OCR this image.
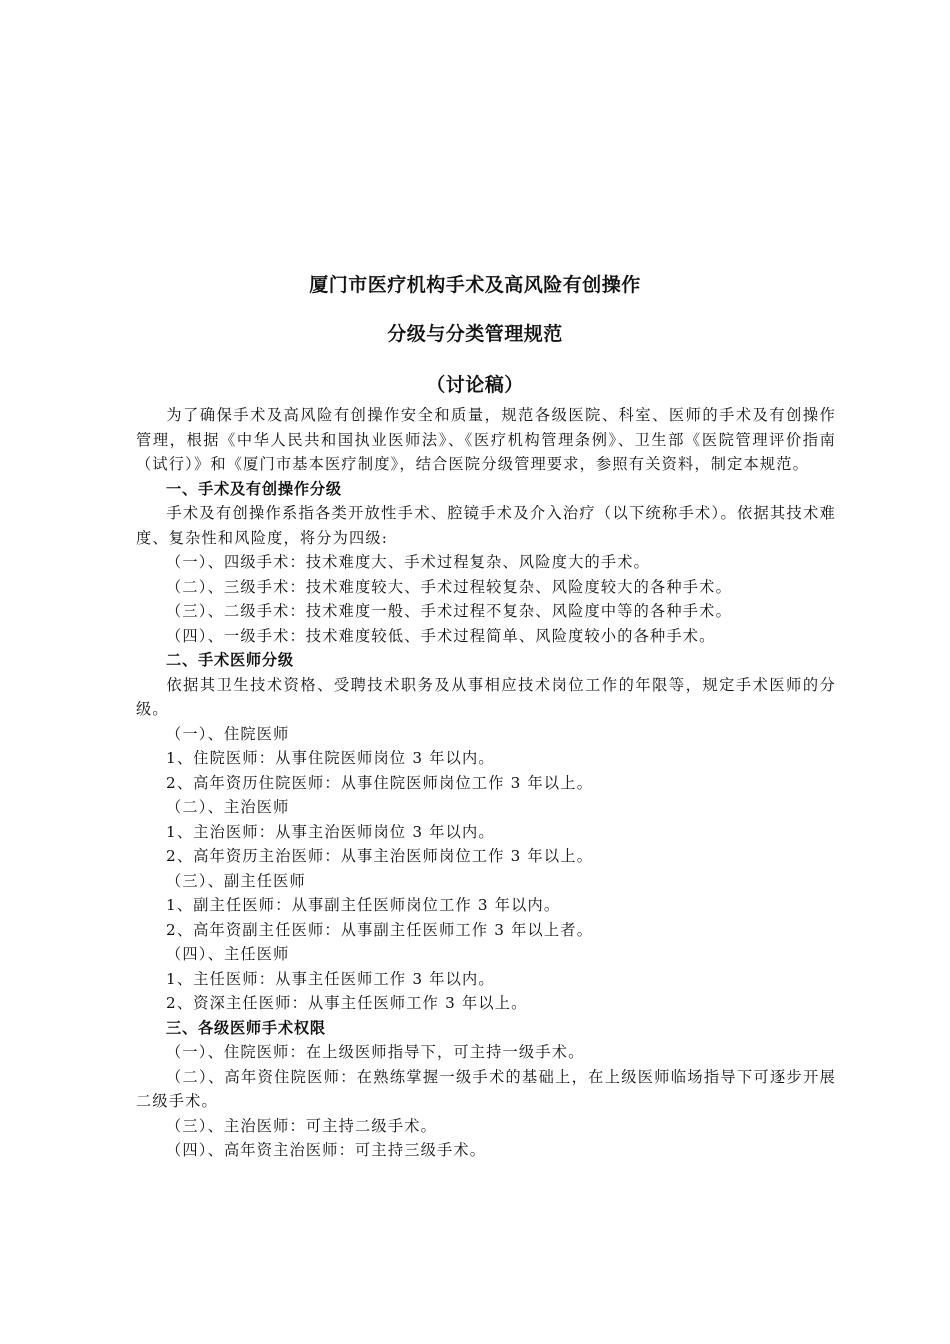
厦门市医疗机构手术及高风险有创操作
分级与分类管理规范
（讨论稿）

为了确保手术及高风险有创操作安全和质量，规范各级医院、科室、医师的手术及有创操作管理，根据《中华人民共和国执业医师法》、《医疗机构管理条例》、卫生部《医院管理评价指南（试行）》和《厦门市基本医疗制度》，结合医院分级管理要求，参照有关资料，制定本规范。

一、手术及有创操作分级

手术及有创操作系指各类开放性手术、腔镜手术及介入治疗（以下统称手术）。依据其技术难度、复杂性和风险度，将分为四级:

（一）、四级手术：技术难度大、手术过程复杂、风险度大的手术。

（二）、三级手术：技术难度较大、手术过程较复杂、风险度较大的各种手术。

（三）、二级手术：技术难度一般、手术过程不复杂、风险度中等的各种手术。

（四）、一级手术：技术难度较低、手术过程简单、风险度较小的各种手术。

二、手术医师分级

依据其卫生技术资格、受聘技术职务及从事相应技术岗位工作的年限等，规定手术医师的分级。

（一）、住院医师

1、住院医师：从事住院医师岗位 3 年以内。

2、高年资历住院医师：从事住院医师岗位工作 3 年以上。

（二）、主治医师

1、主治医师：从事主治医师岗位 3 年以内。

2、高年资历主治医师：从事主治医师岗位工作 3 年以上。

（三）、副主任医师

1、副主任医师：从事副主任医师岗位工作 3 年以内。

2、高年资副主任医师：从事副主任医师工作 3 年以上者。

（四）、主任医师

1、主任医师：从事主任医师工作 3 年以内。

2、资深主任医师：从事主任医师工作 3 年以上。

三、各级医师手术权限

（一）、住院医师：在上级医师指导下，可主持一级手术。

（二）、高年资住院医师：在熟练掌握一级手术的基础上，在上级医师临场指导下可逐步开展二级手术。

（三）、主治医师：可主持二级手术。

（四）、高年资主治医师：可主持三级手术。
